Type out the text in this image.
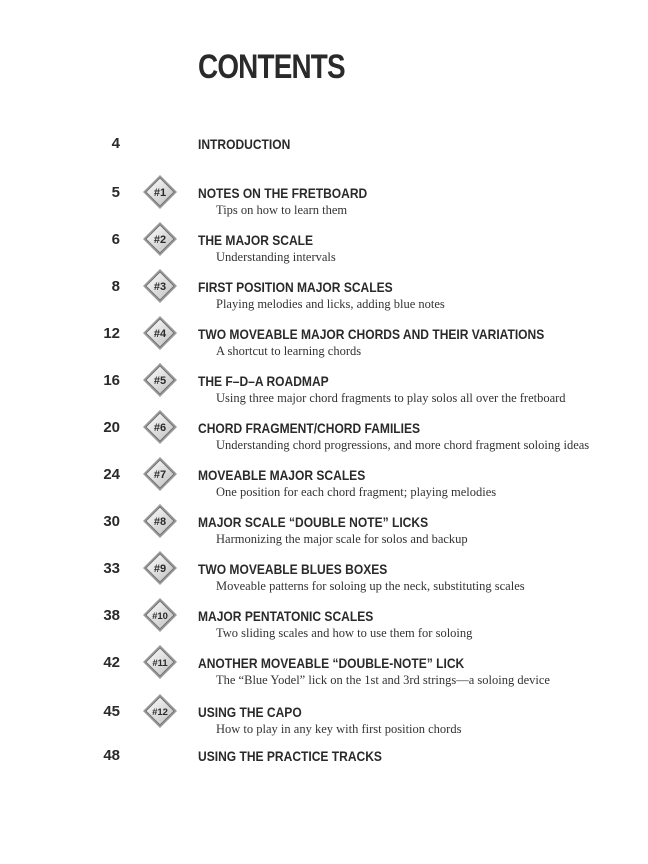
CONTENTS
4	INTRODUCTION
5	#1 NOTES ON THE FRETBOARD
Tips on how to learn them
6	#2 THE MAJOR SCALE
Understanding intervals
8	#3 FIRST POSITION MAJOR SCALES
Playing melodies and licks, adding blue notes
12	#4 TWO MOVEABLE MAJOR CHORDS AND THEIR VARIATIONS
A shortcut to learning chords
16	#5 THE F–D–A ROADMAP
Using three major chord fragments to play solos all over the fretboard
20	#6 CHORD FRAGMENT/CHORD FAMILIES
Understanding chord progressions, and more chord fragment soloing ideas
24	#7 MOVEABLE MAJOR SCALES
One position for each chord fragment; playing melodies
30	#8 MAJOR SCALE “DOUBLE NOTE” LICKS
Harmonizing the major scale for solos and backup
33	#9 TWO MOVEABLE BLUES BOXES
Moveable patterns for soloing up the neck, substituting scales
38	#10 MAJOR PENTATONIC SCALES
Two sliding scales and how to use them for soloing
42	#11 ANOTHER MOVEABLE “DOUBLE-NOTE” LICK
The “Blue Yodel” lick on the 1st and 3rd strings—a soloing device
45	#12 USING THE CAPO
How to play in any key with first position chords
48	USING THE PRACTICE TRACKS
